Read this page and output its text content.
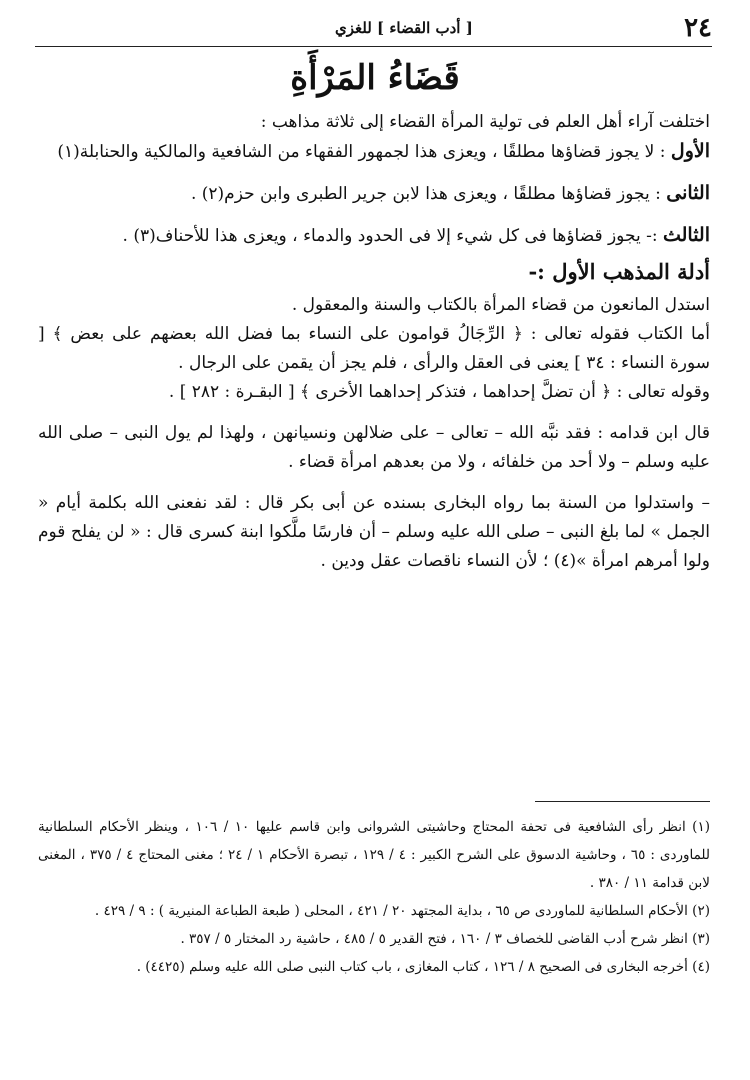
٢٤
[ أدب القضاء ] للغزي
قَضَاءُ المَرْأَةِ

اختلفت آراء أهل العلم فى تولية المرأة القضاء إلى ثلاثة مذاهب :

الأول : لا يجوز قضاؤها مطلقًا ، ويعزى هذا لجمهور الفقهاء من الشافعية والمالكية والحنابلة(١)

الثانى : يجوز قضاؤها مطلقًا ، ويعزى هذا لابن جرير الطبرى وابن حزم(٢) .

الثالث :- يجوز قضاؤها فى كل شيء إلا فى الحدود والدماء ، ويعزى هذا للأحناف(٣) .

أدلة المذهب الأول :-

استدل المانعون من قضاء المرأة بالكتاب والسنة والمعقول .

أما الكتاب فقوله تعالى : ﴿ الرِّجَالُ قوامون على النساء بما فضل الله بعضهم على بعض ﴾ [ سورة النساء : ٣٤ ] يعنى فى العقل والرأى ، فلم يجز أن يقمن على الرجال .

وقوله تعالى : ﴿ أن تضلَّ إحداهما ، فتذكر إحداهما الأخرى ﴾ [ البقـرة : ٢٨٢ ] .

قال ابن قدامه : فقد نبَّه الله – تعالى – على ضلالهن ونسيانهن ، ولهذا لم يول النبى – صلى الله عليه وسلم – ولا أحد من خلفائه ، ولا من بعدهم امرأة قضاء .

– واستدلوا من السنة بما رواه البخارى بسنده عن أبى بكر قال : لقد نفعنى الله بكلمة أيام « الجمل » لما بلغ النبى – صلى الله عليه وسلم – أن فارسًا ملَّكوا ابنة كسرى قال : « لن يفلح قوم ولوا أمرهم امرأة »(٤) ؛ لأن النساء ناقصات عقل ودين .

(١) انظر رأى الشافعية فى تحفة المحتاج وحاشيتى الشروانى وابن قاسم عليها ١٠ / ١٠٦ ، وينظر الأحكام السلطانية للماوردى : ٦٥ ، وحاشية الدسوق على الشرح الكبير : ٤ / ١٢٩ ، تبصرة الأحكام ١ / ٢٤ ؛ مغنى المحتاج ٤ / ٣٧٥ ، المغنى لابن قدامة ١١ / ٣٨٠ .

(٢) الأحكام السلطانية للماوردى ص ٦٥ ، بداية المجتهد ٢٠ / ٤٢١ ، المحلى ( طبعة الطباعة المنيرية ) : ٩ / ٤٢٩ .

(٣) انظر شرح أدب القاضى للخصاف ٣ / ١٦٠ ، فتح القدير ٥ / ٤٨٥ ، حاشية رد المختار ٥ / ٣٥٧ .

(٤) أخرجه البخارى فى الصحيح ٨ / ١٢٦ ، كتاب المغازى ، باب كتاب النبى صلى الله عليه وسلم (٤٤٢٥) .
